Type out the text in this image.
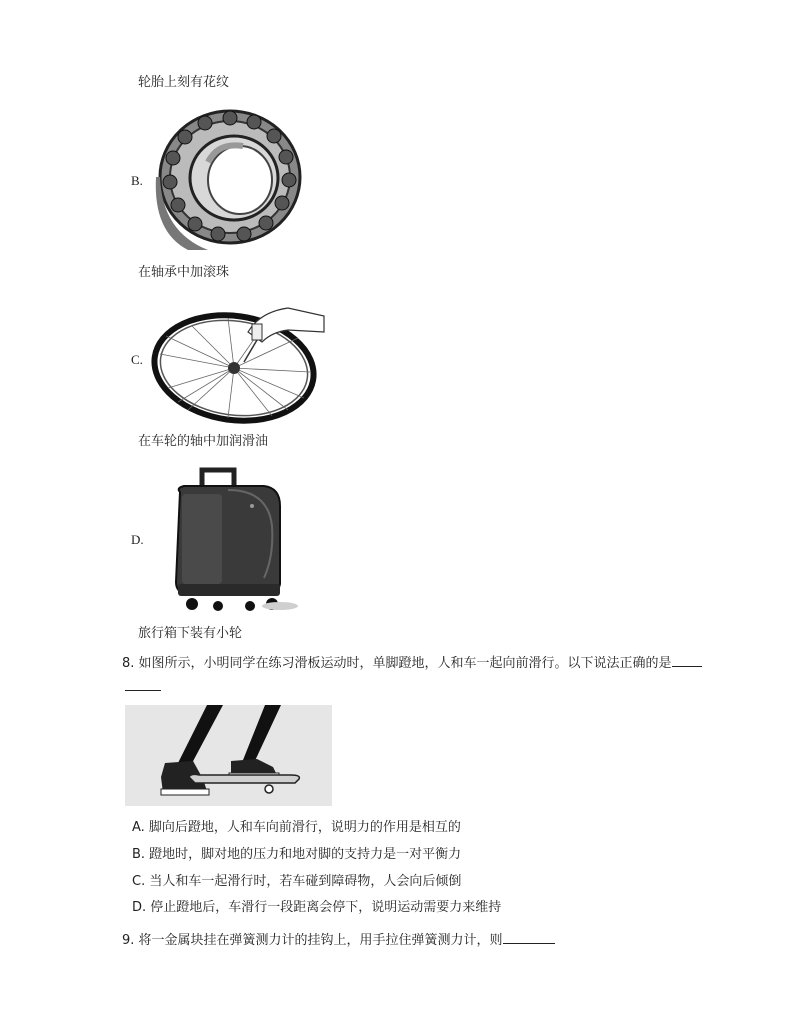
轮胎上刻有花纹
B.
在轴承中加滚珠
C.
在车轮的轴中加润滑油
D.
旅行箱下装有小轮
8. 如图所示，小明同学在练习滑板运动时，单脚蹬地，人和车一起向前滑行。以下说法正确的是
A. 脚向后蹬地，人和车向前滑行，说明力的作用是相互的
B. 蹬地时，脚对地的压力和地对脚的支持力是一对平衡力
C. 当人和车一起滑行时，若车碰到障碍物，人会向后倾倒
D. 停止蹬地后，车滑行一段距离会停下，说明运动需要力来维持
9. 将一金属块挂在弹簧测力计的挂钩上，用手拉住弹簧测力计，则
